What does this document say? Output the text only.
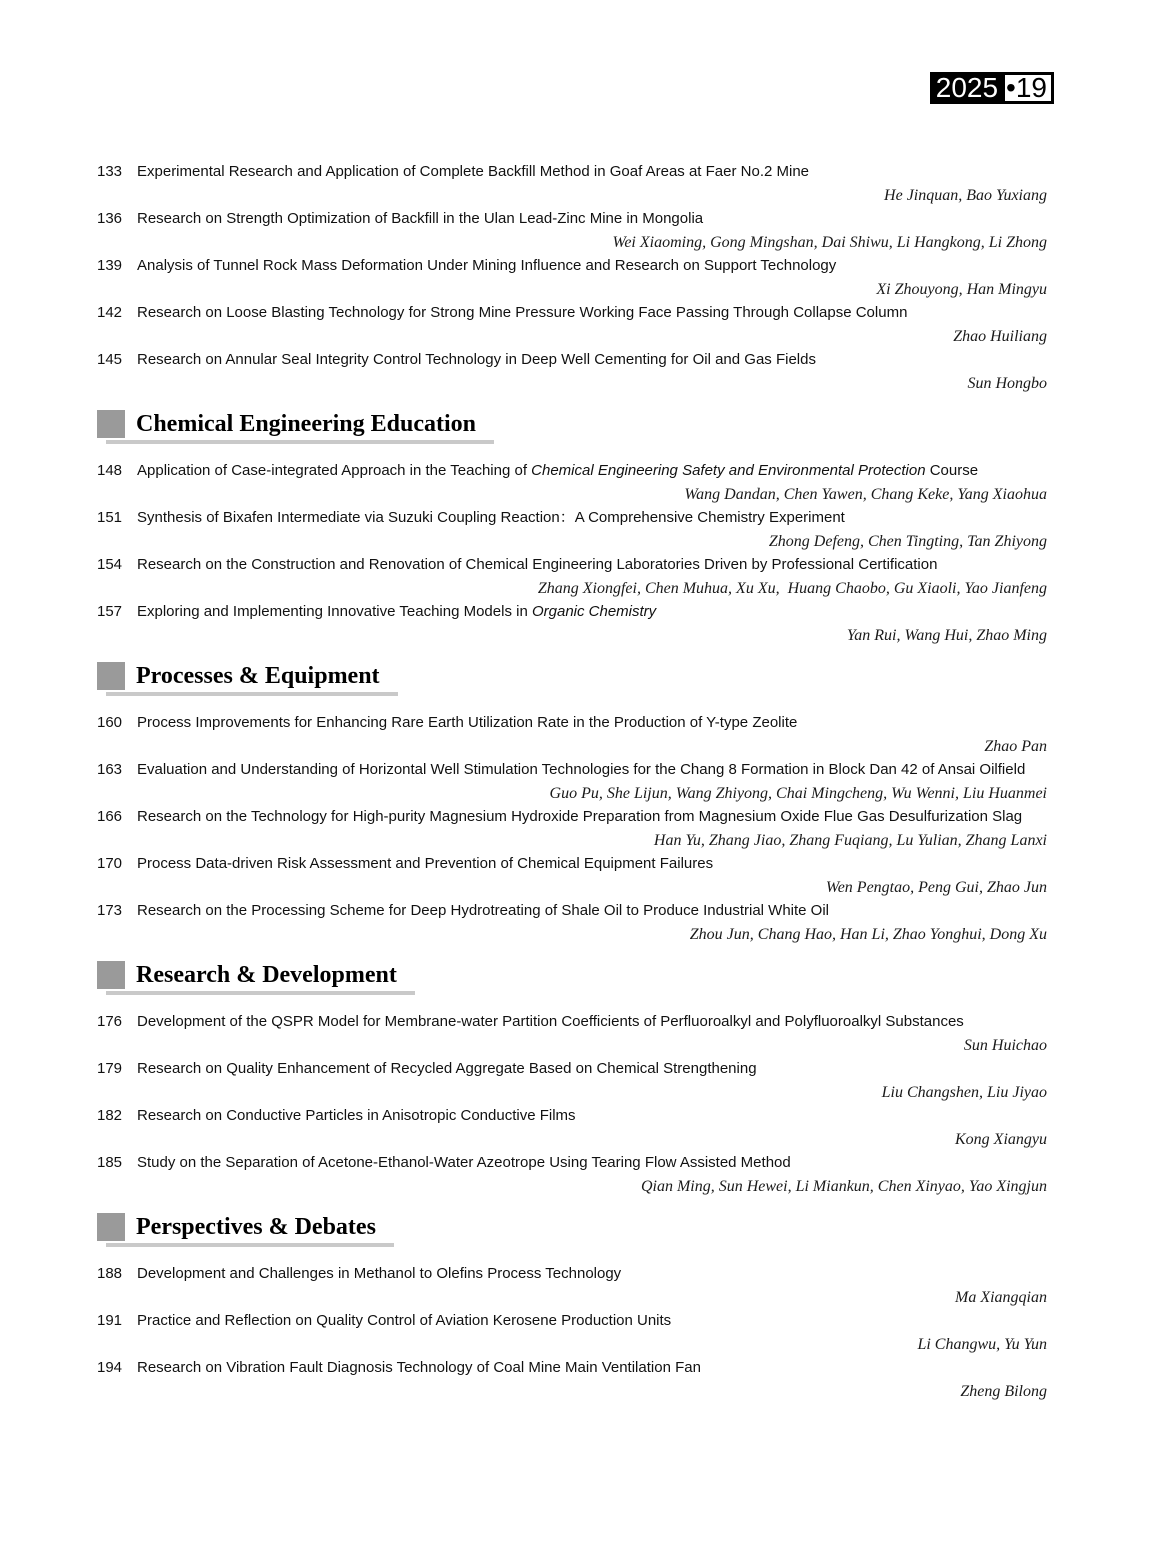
2025 •19
133 Experimental Research and Application of Complete Backfill Method in Goaf Areas at Faer No.2 Mine
He Jinquan, Bao Yuxiang
136 Research on Strength Optimization of Backfill in the Ulan Lead-Zinc Mine in Mongolia
Wei Xiaoming, Gong Mingshan, Dai Shiwu, Li Hangkong, Li Zhong
139 Analysis of Tunnel Rock Mass Deformation Under Mining Influence and Research on Support Technology
Xi Zhouyong, Han Mingyu
142 Research on Loose Blasting Technology for Strong Mine Pressure Working Face Passing Through Collapse Column
Zhao Huiliang
145 Research on Annular Seal Integrity Control Technology in Deep Well Cementing for Oil and Gas Fields
Sun Hongbo
Chemical Engineering Education
148 Application of Case-integrated Approach in the Teaching of Chemical Engineering Safety and Environmental Protection Course
Wang Dandan, Chen Yawen, Chang Keke, Yang Xiaohua
151 Synthesis of Bixafen Intermediate via Suzuki Coupling Reaction：A Comprehensive Chemistry Experiment
Zhong Defeng, Chen Tingting, Tan Zhiyong
154 Research on the Construction and Renovation of Chemical Engineering Laboratories Driven by Professional Certification
Zhang Xiongfei, Chen Muhua, Xu Xu,  Huang Chaobo, Gu Xiaoli, Yao Jianfeng
157 Exploring and Implementing Innovative Teaching Models in Organic Chemistry
Yan Rui, Wang Hui, Zhao Ming
Processes & Equipment
160 Process Improvements for Enhancing Rare Earth Utilization Rate in the Production of Y-type Zeolite
Zhao Pan
163 Evaluation and Understanding of Horizontal Well Stimulation Technologies for the Chang 8 Formation in Block Dan 42 of Ansai Oilfield
Guo Pu, She Lijun, Wang Zhiyong, Chai Mingcheng, Wu Wenni, Liu Huanmei
166 Research on the Technology for High-purity Magnesium Hydroxide Preparation from Magnesium Oxide Flue Gas Desulfurization Slag
Han Yu, Zhang Jiao, Zhang Fuqiang, Lu Yulian, Zhang Lanxi
170 Process Data-driven Risk Assessment and Prevention of Chemical Equipment Failures
Wen Pengtao, Peng Gui, Zhao Jun
173 Research on the Processing Scheme for Deep Hydrotreating of Shale Oil to Produce Industrial White Oil
Zhou Jun, Chang Hao, Han Li, Zhao Yonghui, Dong Xu
Research & Development
176 Development of the QSPR Model for Membrane-water Partition Coefficients of Perfluoroalkyl and Polyfluoroalkyl Substances
Sun Huichao
179 Research on Quality Enhancement of Recycled Aggregate Based on Chemical Strengthening
Liu Changshen, Liu Jiyao
182 Research on Conductive Particles in Anisotropic Conductive Films
Kong Xiangyu
185 Study on the Separation of Acetone-Ethanol-Water Azeotrope Using Tearing Flow Assisted Method
Qian Ming, Sun Hewei, Li Miankun, Chen Xinyao, Yao Xingjun
Perspectives & Debates
188 Development and Challenges in Methanol to Olefins Process Technology
Ma Xiangqian
191 Practice and Reflection on Quality Control of Aviation Kerosene Production Units
Li Changwu, Yu Yun
194 Research on Vibration Fault Diagnosis Technology of Coal Mine Main Ventilation Fan
Zheng Bilong
